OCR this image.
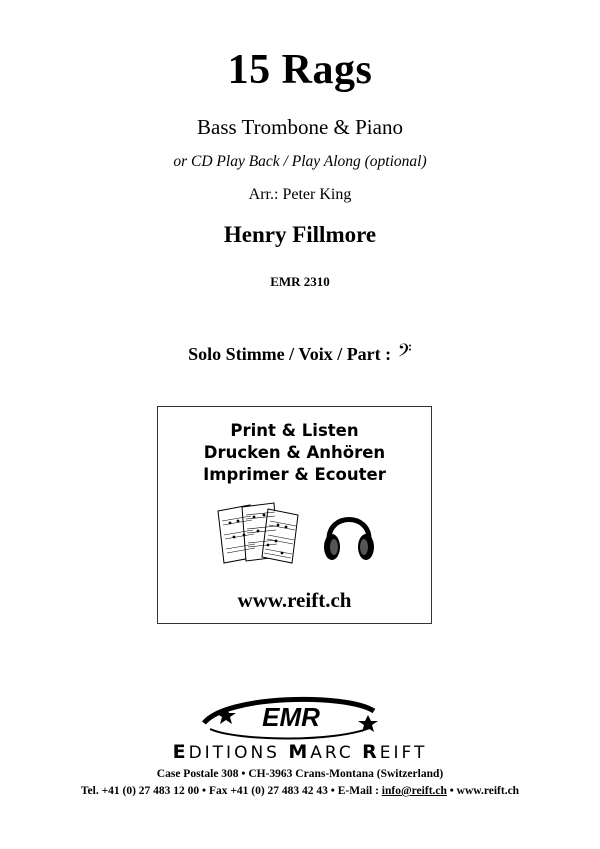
15 Rags
Bass Trombone & Piano
or CD Play Back / Play Along (optional)
Arr.: Peter King
Henry Fillmore
EMR 2310
Solo Stimme / Voix / Part : 𝄢
Print & Listen
Drucken & Anhören
Imprimer & Ecouter
www.reift.ch
EMR
EDITIONS MARC REIFT
Case Postale 308 • CH-3963 Crans-Montana (Switzerland)
Tel. +41 (0) 27 483 12 00 • Fax +41 (0) 27 483 42 43 • E-Mail : info@reift.ch • www.reift.ch
